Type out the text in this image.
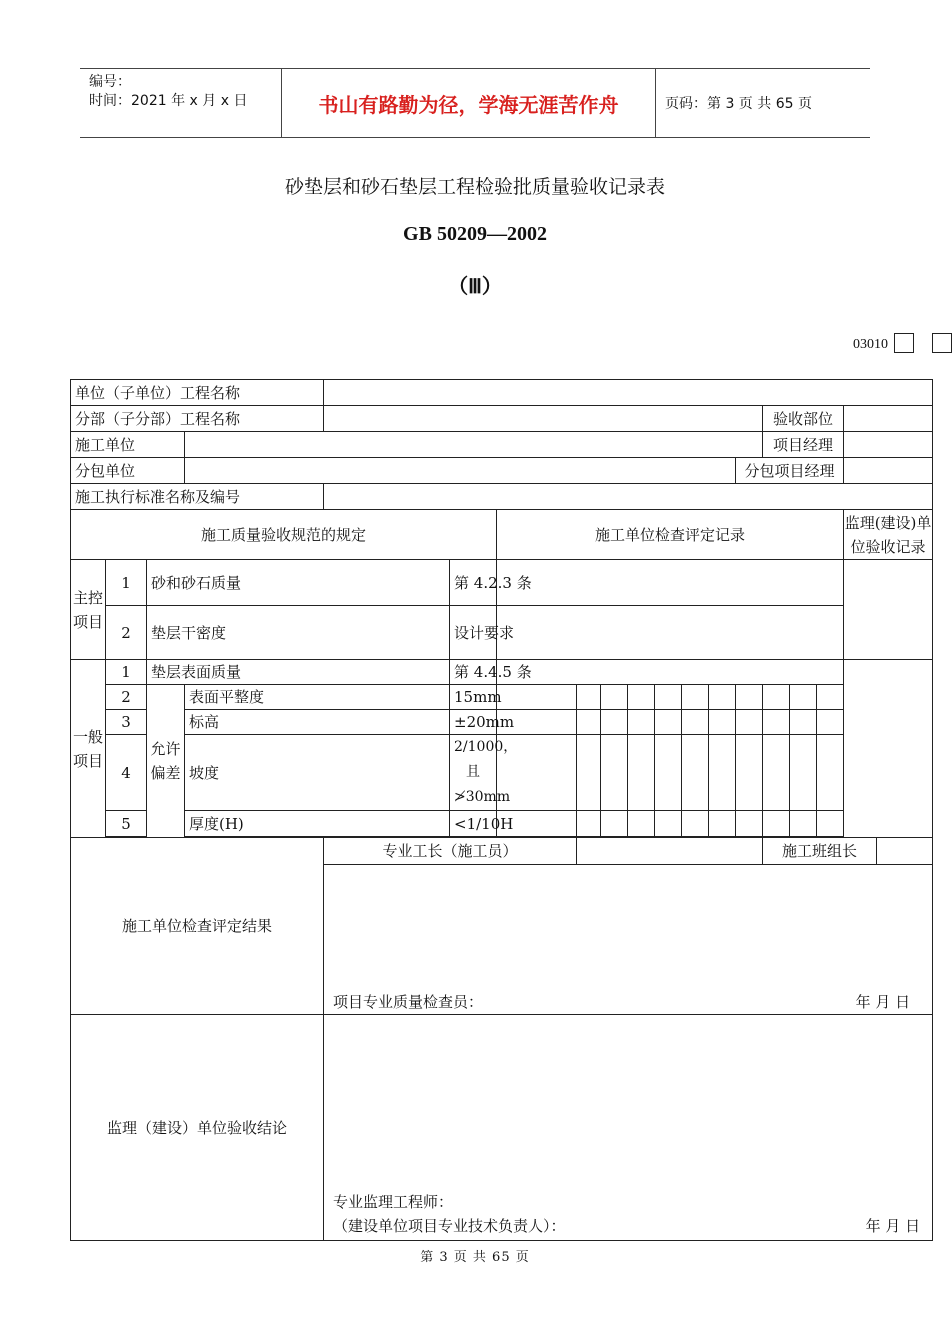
编号：
时间：2021 年 x 月 x 日	书山有路勤为径，学海无涯苦作舟	页码：第 3 页 共 65 页
砂垫层和砂石垫层工程检验批质量验收记录表
GB 50209—2002
（Ⅲ）
03010
单位（子单位）工程名称																	
分部（子分部）工程名称														验收部位			
施工单位														项目经理			
分包单位													分包项目经理				
施工执行标准名称及编号																	
施工质量验收规范的规定						施工单位检查评定记录											监理(建设)单位验收记录
主控项目	1	砂和砂石质量			第 4.2.3 条												
	2	垫层干密度			设计要求												
一般项目	1	垫层表面质量			第 4.4.5 条												
	2	允许偏差	表面平整度		15mm												
	3		标高		±20mm												
	4		坡度		2/1000，且 ≯30mm												
	5		厚度(H)		<1/10H												

施工单位检查评定结果				专业工长（施工员）										施工班组长			

				项目专业质量检查员： 年 月 日													

监理（建设）单位验收结论				专业监理工程师：
（建设单位项目专业技术负责人）： 年 月 日													
第 3 页 共 65 页
